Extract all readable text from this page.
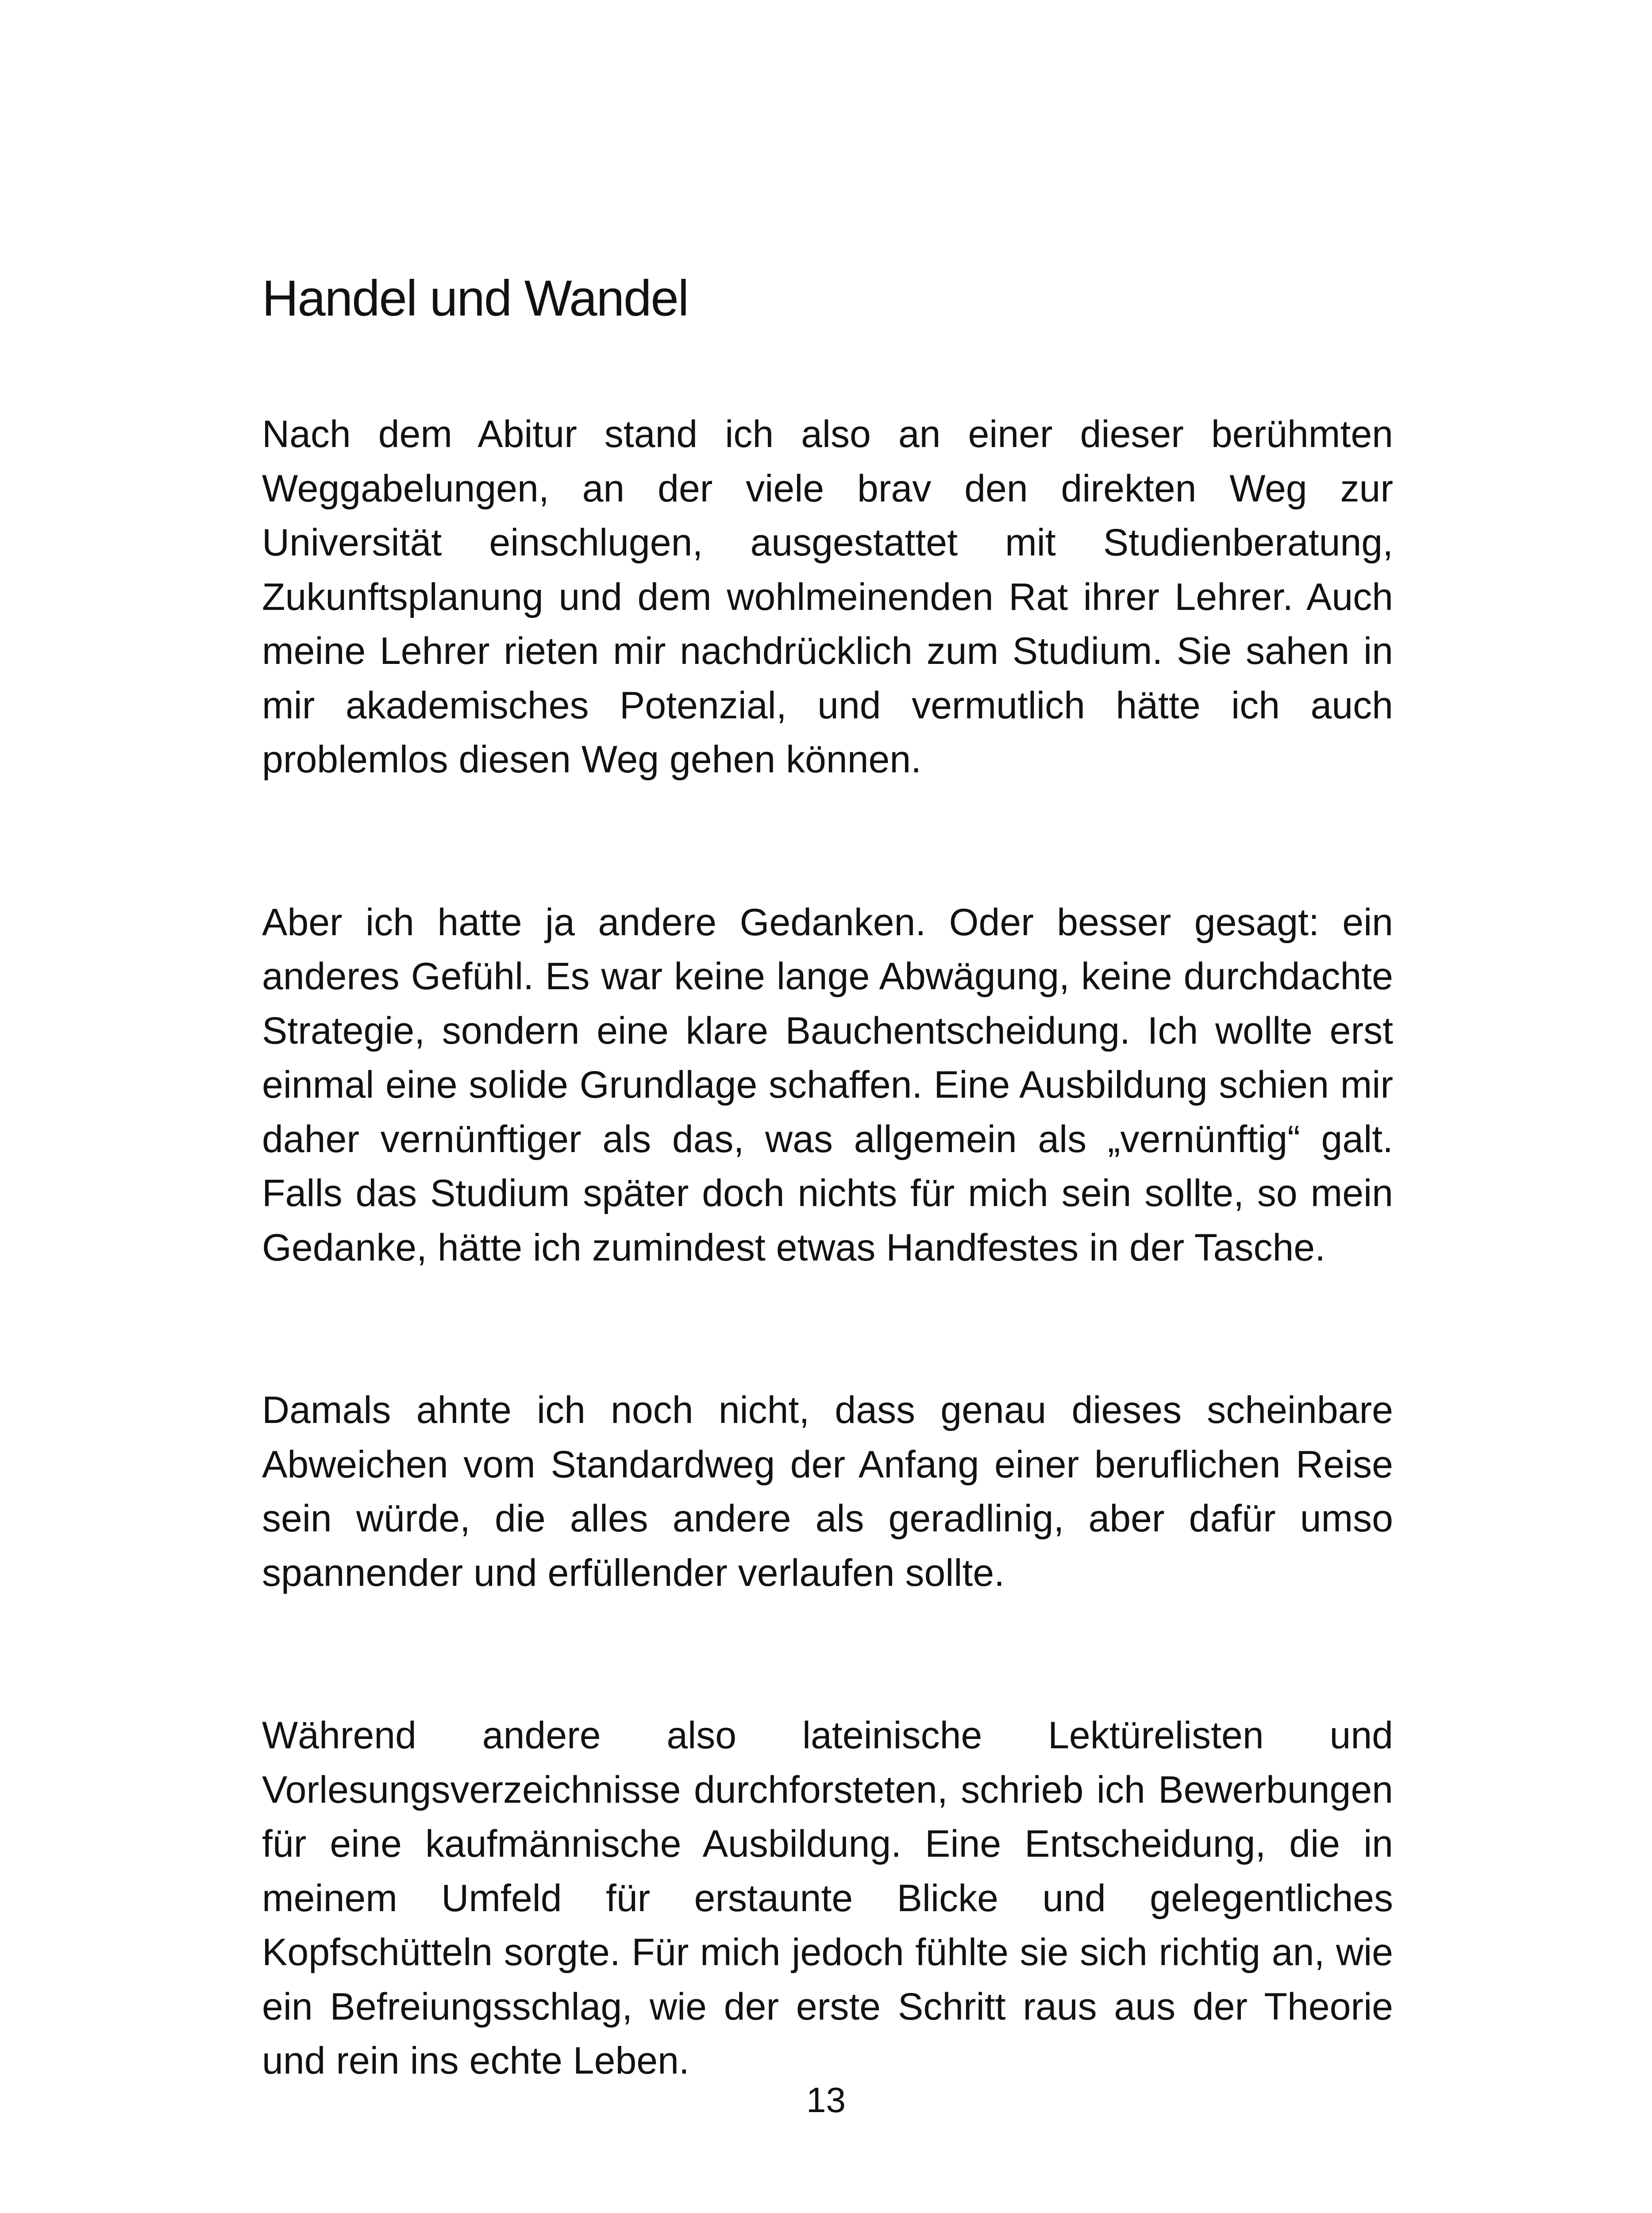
Handel und Wandel

Nach dem Abitur stand ich also an einer dieser berühmten Weggabelungen, an der viele brav den direkten Weg zur Universität einschlugen, ausgestattet mit Studienberatung, Zukunftsplanung und dem wohlmeinenden Rat ihrer Lehrer. Auch meine Lehrer rieten mir nachdrücklich zum Studium. Sie sahen in mir akademisches Potenzial, und vermutlich hätte ich auch problemlos diesen Weg gehen können.

Aber ich hatte ja andere Gedanken. Oder besser gesagt: ein anderes Gefühl. Es war keine lange Abwägung, keine durchdachte Strategie, sondern eine klare Bauchentscheidung. Ich wollte erst einmal eine solide Grundlage schaffen. Eine Ausbildung schien mir daher vernünftiger als das, was allgemein als „vernünftig“ galt. Falls das Studium später doch nichts für mich sein sollte, so mein Gedanke, hätte ich zumindest etwas Handfestes in der Tasche.

Damals ahnte ich noch nicht, dass genau dieses scheinbare Abweichen vom Standardweg der Anfang einer beruflichen Reise sein würde, die alles andere als geradlinig, aber dafür umso spannender und erfüllender verlaufen sollte.

Während andere also lateinische Lektürelisten und Vorlesungsverzeichnisse durchforsteten, schrieb ich Bewerbungen für eine kaufmännische Ausbildung. Eine Entscheidung, die in meinem Umfeld für erstaunte Blicke und gelegentliches Kopfschütteln sorgte. Für mich jedoch fühlte sie sich richtig an, wie ein Befreiungsschlag, wie der erste Schritt raus aus der Theorie und rein ins echte Leben.

13
